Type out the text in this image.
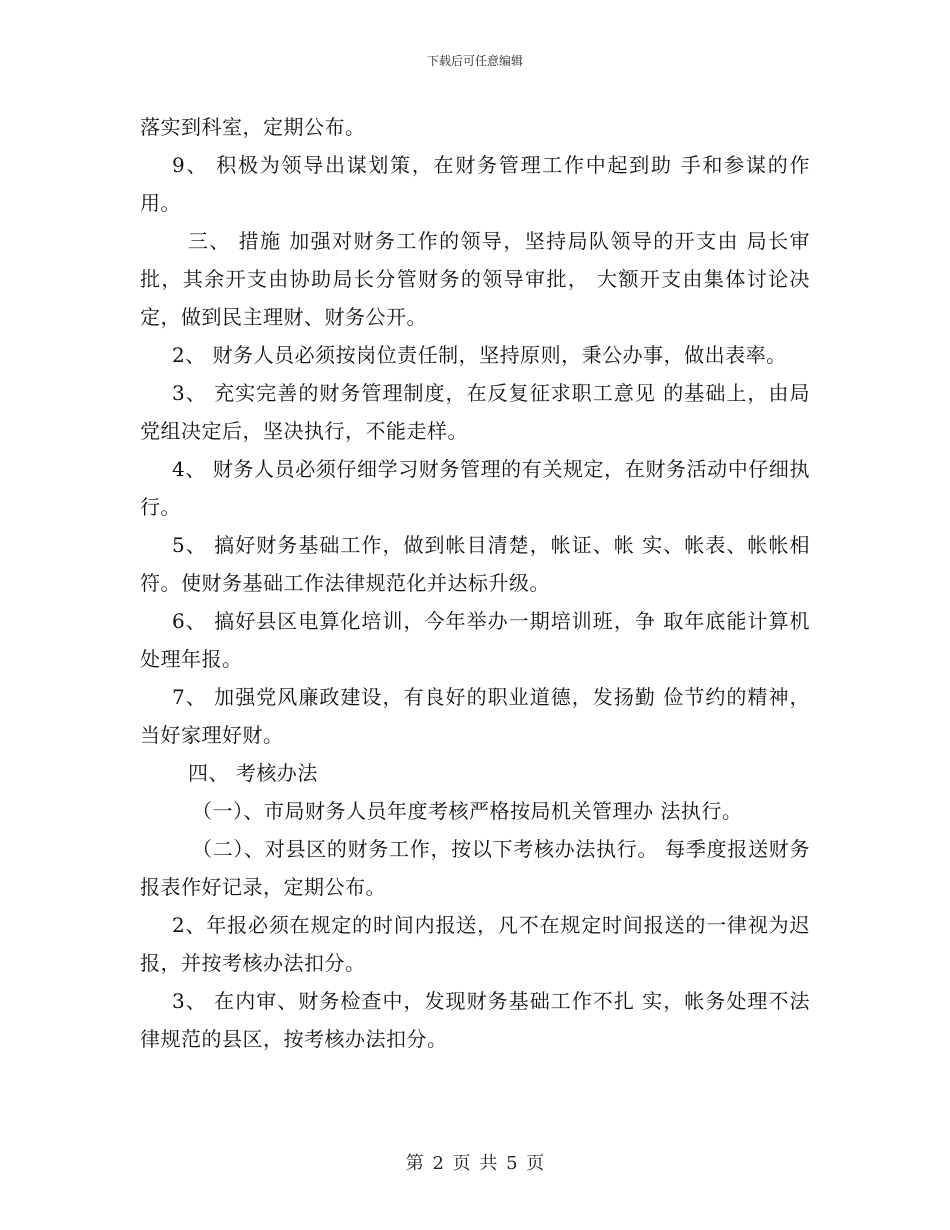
下载后可任意编辑

落实到科室，定期公布。

9、 积极为领导出谋划策，在财务管理工作中起到助 手和参谋的作用。

三、 措施 加强对财务工作的领导，坚持局队领导的开支由 局长审批，其余开支由协助局长分管财务的领导审批， 大额开支由集体讨论决定，做到民主理财、财务公开。

2、 财务人员必须按岗位责任制，坚持原则，秉公办事，做出表率。

3、 充实完善的财务管理制度，在反复征求职工意见 的基础上，由局党组决定后，坚决执行，不能走样。

4、 财务人员必须仔细学习财务管理的有关规定，在财务活动中仔细执行。

5、 搞好财务基础工作，做到帐目清楚，帐证、帐 实、帐表、帐帐相符。使财务基础工作法律规范化并达标升级。

6、 搞好县区电算化培训，今年举办一期培训班，争 取年底能计算机处理年报。

7、 加强党风廉政建设，有良好的职业道德，发扬勤 俭节约的精神，当好家理好财。

四、 考核办法

（一）、市局财务人员年度考核严格按局机关管理办 法执行。

（二）、对县区的财务工作，按以下考核办法执行。 每季度报送财务报表作好记录，定期公布。

2、年报必须在规定的时间内报送，凡不在规定时间报送的一律视为迟报，并按考核办法扣分。

3、 在内审、财务检查中，发现财务基础工作不扎 实，帐务处理不法律规范的县区，按考核办法扣分。

第 2 页 共 5 页
